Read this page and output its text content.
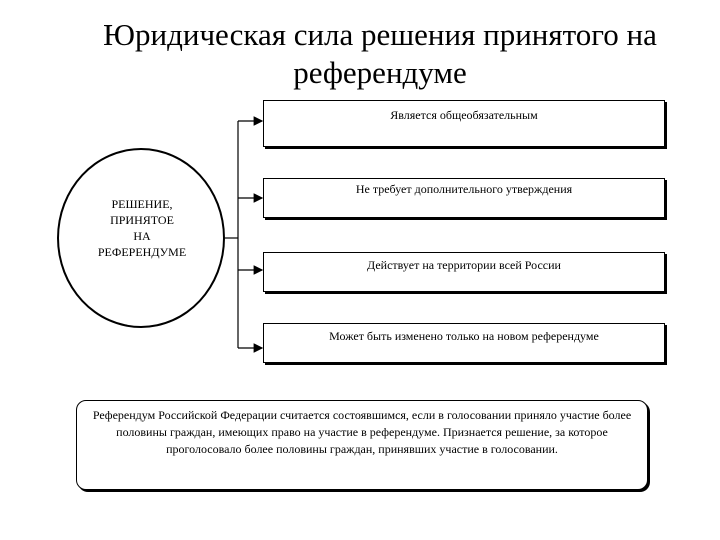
Юридическая сила решения принятого на референдуме
РЕШЕНИЕ,
ПРИНЯТОЕ
НА
РЕФЕРЕНДУМЕ
Является общеобязательным
Не требует дополнительного утверждения
Действует на территории всей России
Может быть изменено только на новом референдуме
Референдум Российской Федерации считается состоявшимся, если в голосовании приняло участие более половины граждан, имеющих право на участие в референдуме. Признается решение, за которое проголосовало более половины граждан, принявших участие в голосовании.
